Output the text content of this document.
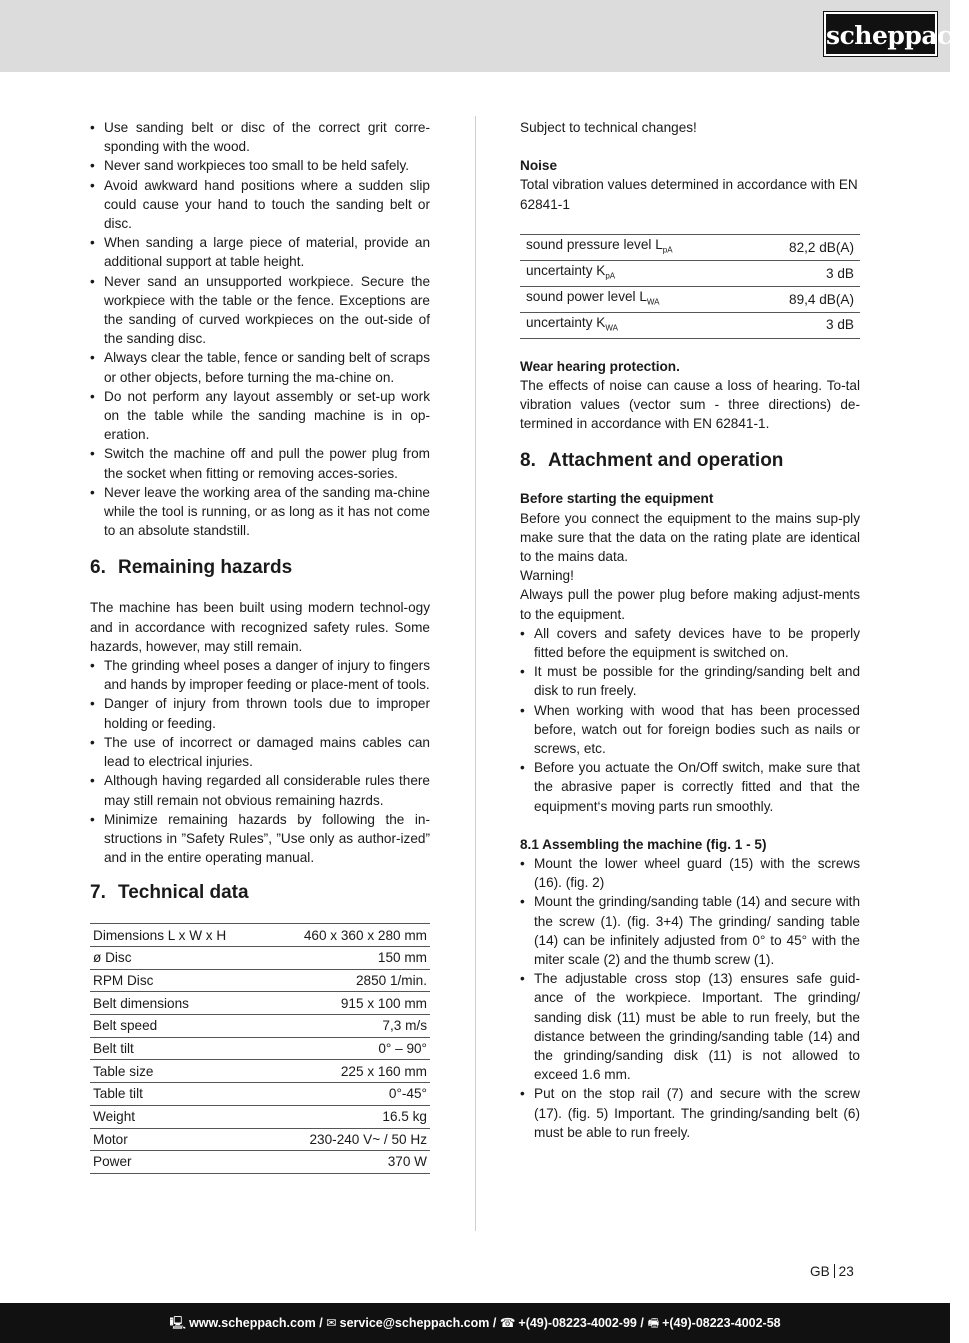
scheppach
• Use sanding belt or disc of the correct grit corre-sponding with the wood.
• Never sand workpieces too small to be held safely.
• Avoid awkward hand positions where a sudden slip could cause your hand to touch the sanding belt or disc.
• When sanding a large piece of material, provide an additional support at table height.
• Never sand an unsupported workpiece. Secure the workpiece with the table or the fence. Exceptions are the sanding of curved workpieces on the out-side of the sanding disc.
• Always clear the table, fence or sanding belt of scraps or other objects, before turning the ma-chine on.
• Do not perform any layout assembly or set-up work on the table while the sanding machine is in op-eration.
• Switch the machine off and pull the power plug from the socket when fitting or removing acces-sories.
• Never leave the working area of the sanding ma-chine while the tool is running, or as long as it has not come to an absolute standstill.
6. Remaining hazards

The machine has been built using modern technol-ogy and in accordance with recognized safety rules. Some hazards, however, may still remain.

• The grinding wheel poses a danger of injury to fingers and hands by improper feeding or place-ment of tools.
• Danger of injury from thrown tools due to improper holding or feeding.
• The use of incorrect or damaged mains cables can lead to electrical injuries.
• Although having regarded all considerable rules there may still remain not obvious remaining hazrds.
• Minimize remaining hazards by following the in-structions in ”Safety Rules”, ”Use only as author-ized” and in the entire operating manual.
7. Technical data
Dimensions L x W x H	460 x 360 x 280 mm
ø Disc	150 mm
RPM Disc	2850 1/min.
Belt dimensions	915 x 100 mm
Belt speed	7,3 m/s
Belt tilt	0° – 90°
Table size	225 x 160 mm
Table tilt	0°-45°
Weight	16.5 kg
Motor	230-240 V~ / 50 Hz
Power	370 W

Subject to technical changes!

Noise

Total vibration values determined in accordance with EN 62841-1

sound pressure level $L_{pA}$	82,2 dB(A)
uncertainty $K_{pA}$	3 dB
sound power level $L_{WA}$	89,4 dB(A)
uncertainty $K_{WA}$	3 dB

Wear hearing protection.

The effects of noise can cause a loss of hearing. To-tal vibration values (vector sum - three directions) de-termined in accordance with EN 62841-1.

8. Attachment and operation

Before starting the equipment

Before you connect the equipment to the mains sup-ply make sure that the data on the rating plate are identical to the mains data.

Warning!

Always pull the power plug before making adjust-ments to the equipment.

• All covers and safety devices have to be properly fitted before the equipment is switched on.
• It must be possible for the grinding/sanding belt and disk to run freely.
• When working with wood that has been processed before, watch out for foreign bodies such as nails or screws, etc.
• Before you actuate the On/Off switch, make sure that the abrasive paper is correctly fitted and that the equipment‘s moving parts run smoothly.

8.1 Assembling the machine (fig. 1 - 5)

• Mount the lower wheel guard (15) with the screws (16). (fig. 2)
• Mount the grinding/sanding table (14) and secure with the screw (1). (fig. 3+4) The grinding/ sanding table (14) can be infinitely adjusted from 0° to 45° with the miter scale (2) and the thumb screw (1).
• The adjustable cross stop (13) ensures safe guid-ance of the workpiece. Important. The grinding/ sanding disk (11) must be able to run freely, but the distance between the grinding/sanding table (14) and the grinding/sanding disk (11) is not allowed to exceed 1.6 mm.
• Put on the stop rail (7) and secure with the screw (17). (fig. 5) Important. The grinding/sanding belt (6) must be able to run freely.
GB 23
🖳 www.scheppach.com / ✉ service@scheppach.com / ☎ +(49)-08223-4002-99 / 🖷 +(49)-08223-4002-58
